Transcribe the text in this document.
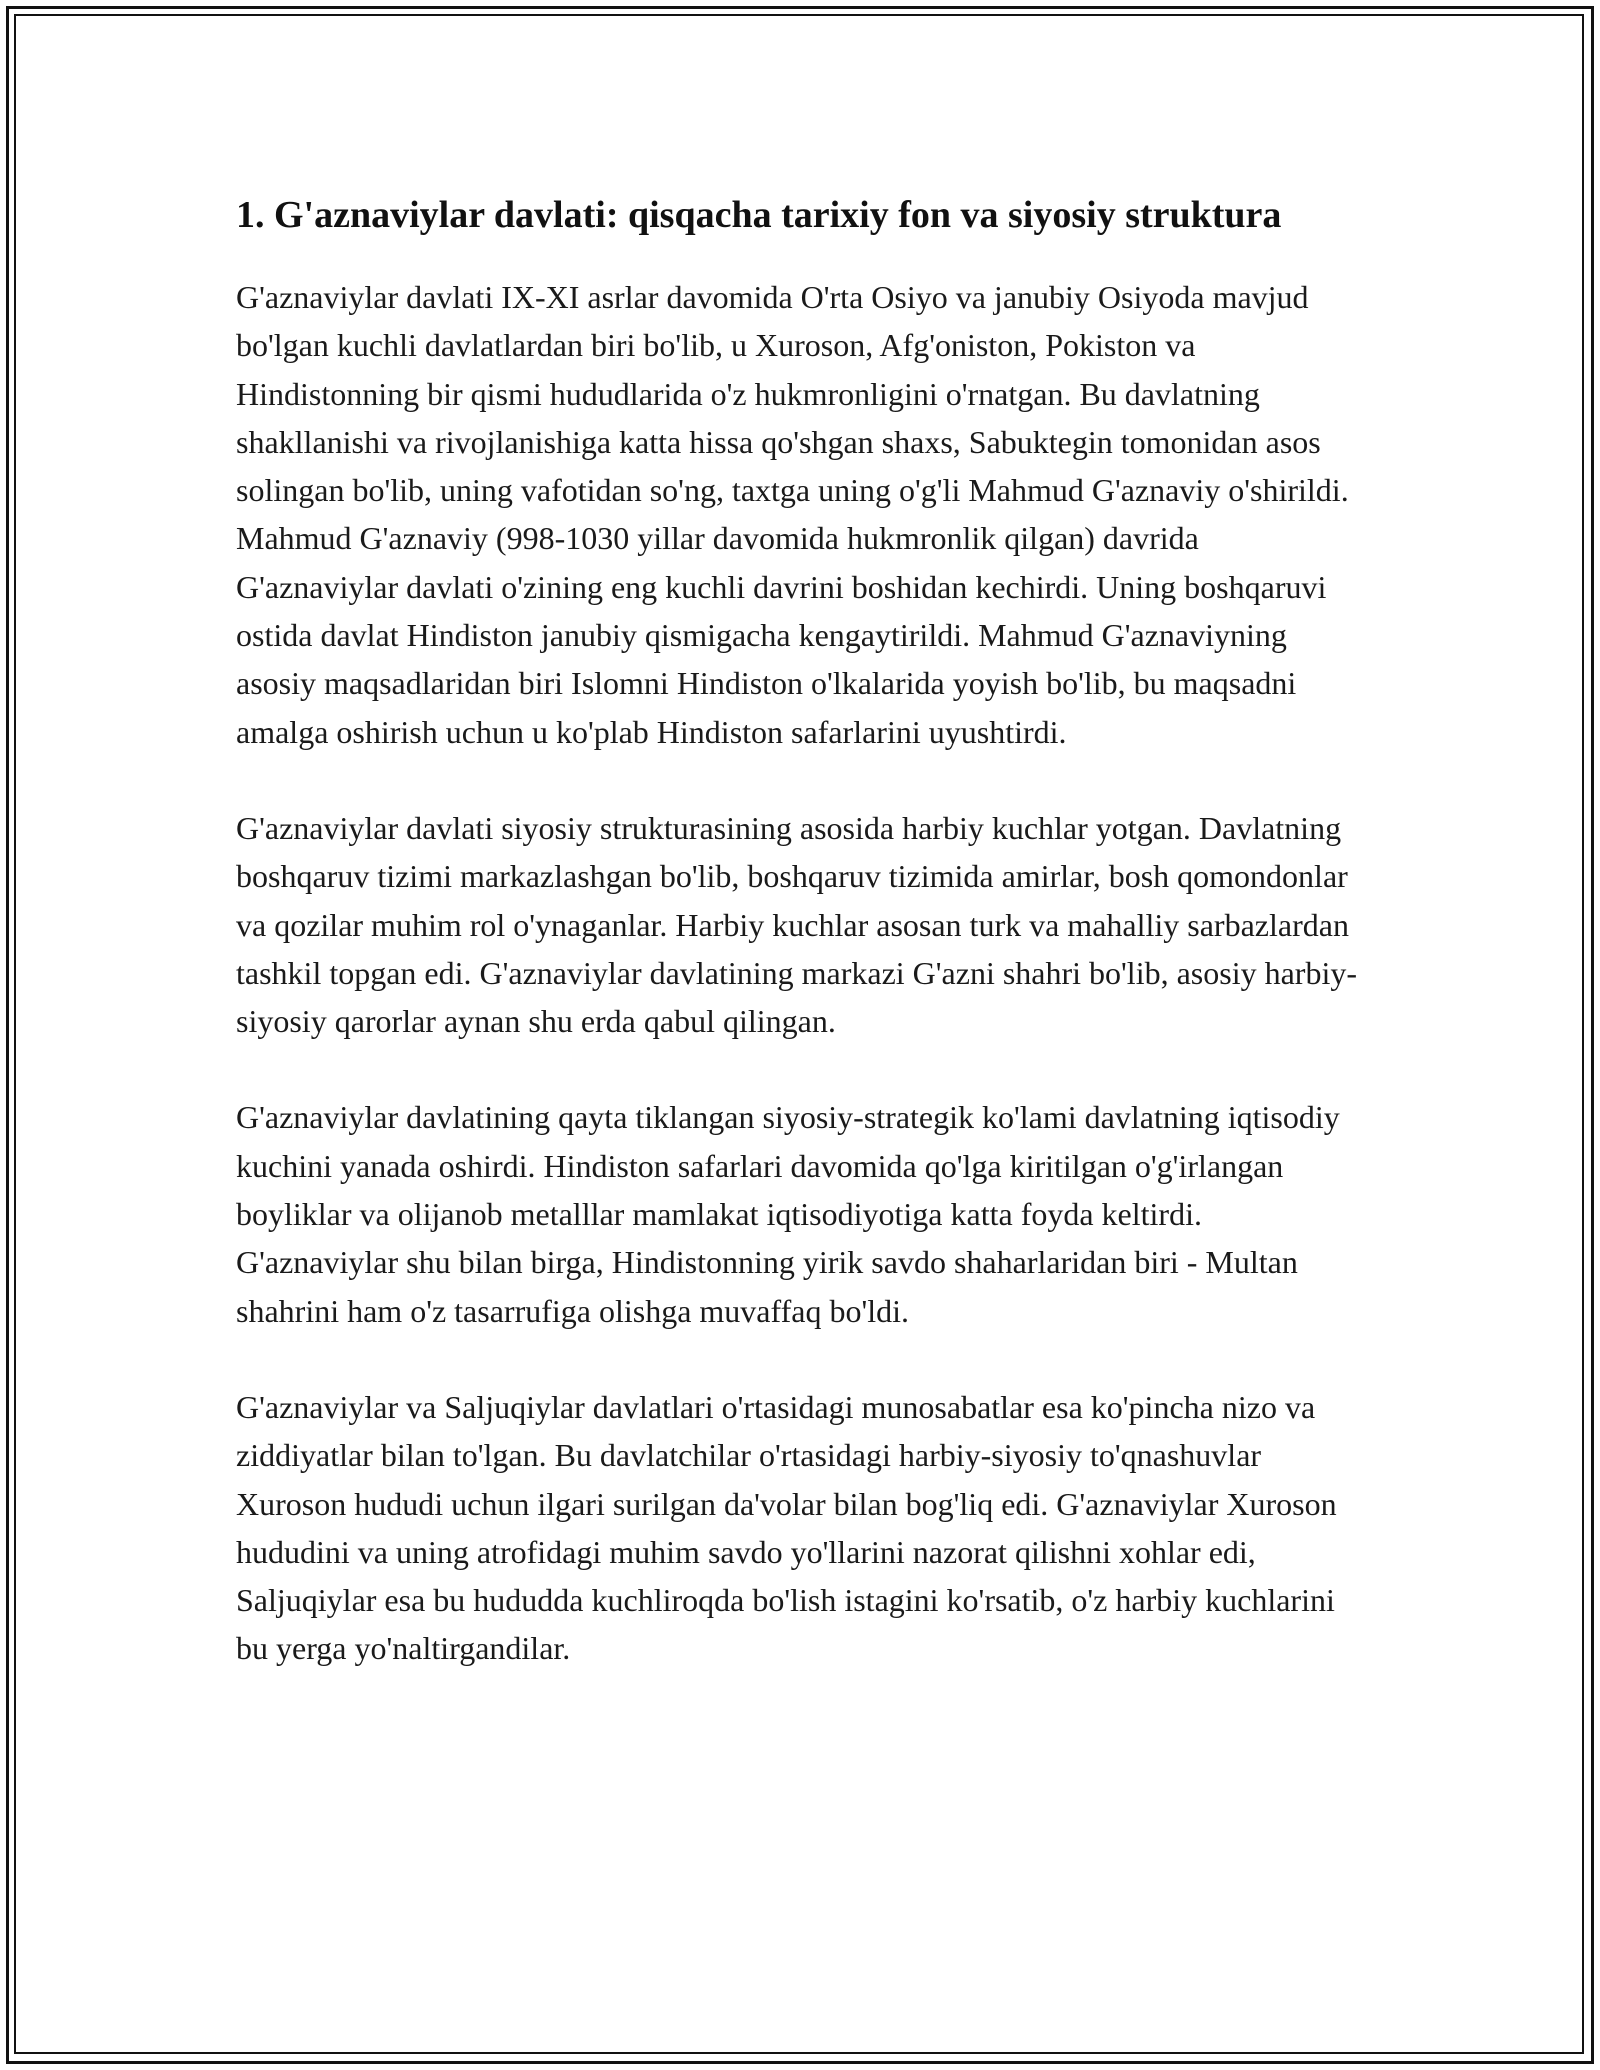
1. G'aznaviylar davlati: qisqacha tarixiy fon va siyosiy struktura

G'aznaviylar davlati IX-XI asrlar davomida O'rta Osiyo va janubiy Osiyoda mavjud bo'lgan kuchli davlatlardan biri bo'lib, u Xuroson, Afg'oniston, Pokiston va Hindistonning bir qismi hududlarida o'z hukmronligini o'rnatgan. Bu davlatning shakllanishi va rivojlanishiga katta hissa qo'shgan shaxs, Sabuktegin tomonidan asos solingan bo'lib, uning vafotidan so'ng, taxtga uning o'g'li Mahmud G'aznaviy o'shirildi. Mahmud G'aznaviy (998-1030 yillar davomida hukmronlik qilgan) davrida G'aznaviylar davlati o'zining eng kuchli davrini boshidan kechirdi. Uning boshqaruvi ostida davlat Hindiston janubiy qismigacha kengaytirildi. Mahmud G'aznaviyning asosiy maqsadlaridan biri Islomni Hindiston o'lkalarida yoyish bo'lib, bu maqsadni amalga oshirish uchun u ko'plab Hindiston safarlarini uyushtirdi.

G'aznaviylar davlati siyosiy strukturasining asosida harbiy kuchlar yotgan. Davlatning boshqaruv tizimi markazlashgan bo'lib, boshqaruv tizimida amirlar, bosh qomondonlar va qozilar muhim rol o'ynaganlar. Harbiy kuchlar asosan turk va mahalliy sarbazlardan tashkil topgan edi. G'aznaviylar davlatining markazi G'azni shahri bo'lib, asosiy harbiy-siyosiy qarorlar aynan shu erda qabul qilingan.

G'aznaviylar davlatining qayta tiklangan siyosiy-strategik ko'lami davlatning iqtisodiy kuchini yanada oshirdi. Hindiston safarlari davomida qo'lga kiritilgan o'g'irlangan boyliklar va olijanob metalllar mamlakat iqtisodiyotiga katta foyda keltirdi. G'aznaviylar shu bilan birga, Hindistonning yirik savdo shaharlaridan biri - Multan shahrini ham o'z tasarrufiga olishga muvaffaq bo'ldi.

G'aznaviylar va Saljuqiylar davlatlari o'rtasidagi munosabatlar esa ko'pincha nizo va ziddiyatlar bilan to'lgan. Bu davlatchilar o'rtasidagi harbiy-siyosiy to'qnashuvlar Xuroson hududi uchun ilgari surilgan da'volar bilan bog'liq edi. G'aznaviylar Xuroson hududini va uning atrofidagi muhim savdo yo'llarini nazorat qilishni xohlar edi, Saljuqiylar esa bu hududda kuchliroqda bo'lish istagini ko'rsatib, o'z harbiy kuchlarini bu yerga yo'naltirgandilar.
